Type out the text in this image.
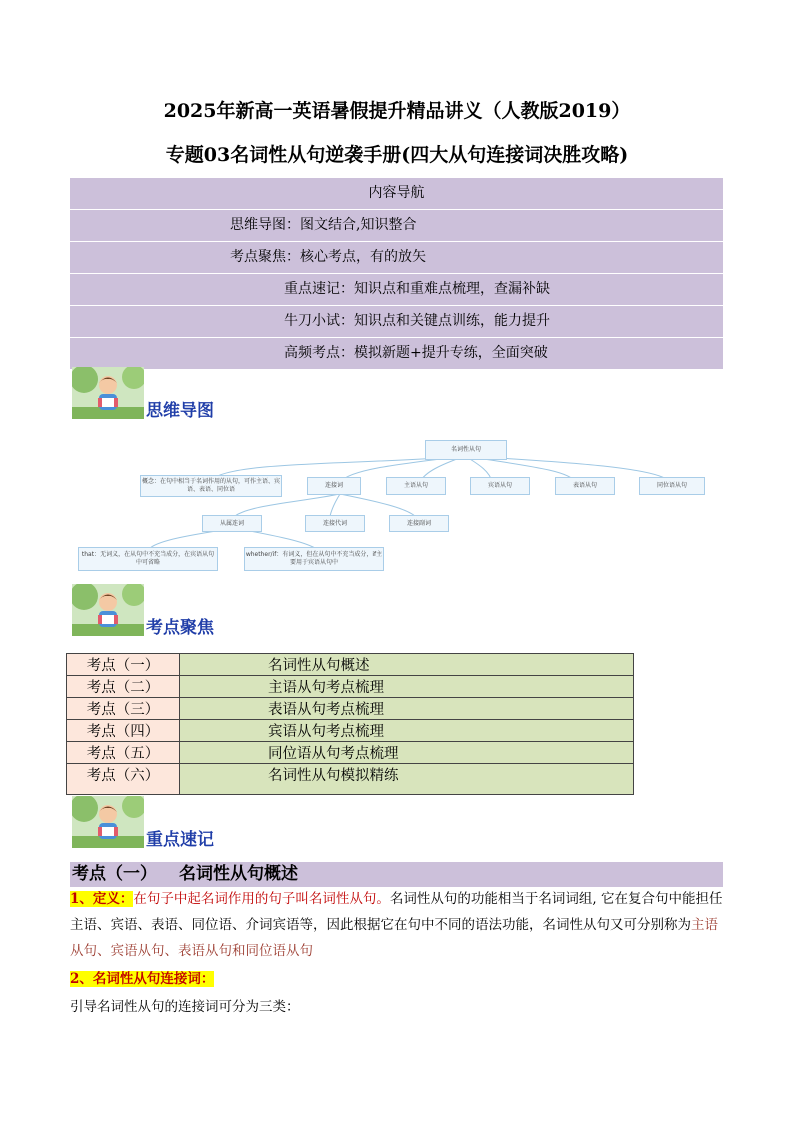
2025年新高一英语暑假提升精品讲义（人教版2019）
专题03名词性从句逆袭手册(四大从句连接词决胜攻略)
内容导航
思维导图：图文结合,知识整合
考点聚焦：核心考点，有的放矢
重点速记：知识点和重难点梳理，查漏补缺
牛刀小试：知识点和关键点训练，能力提升
高频考点：模拟新题+提升专练，全面突破
思维导图
名词性从句
概念：在句中相当于名词作用的从句，可作主语、宾语、表语、同位语
连接词	主语从句	宾语从句	表语从句	同位语从句
从属连词	连接代词	连接副词
that：无词义，在从句中不充当成分，在宾语从句中可省略
whether/if：有词义，但在从句中不充当成分，if主要用于宾语从句中
考点聚焦
考点（一）	名词性从句概述
考点（二）	主语从句考点梳理
考点（三）	表语从句考点梳理
考点（四）	宾语从句考点梳理
考点（五）	同位语从句考点梳理
考点（六）	名词性从句模拟精练
重点速记
考点（一） 名词性从句概述
1、定义：在句子中起名词作用的句子叫名词性从句。名词性从句的功能相当于名词词组, 它在复合句中能担任主语、宾语、表语、同位语、介词宾语等，因此根据它在句中不同的语法功能，名词性从句又可分别称为主语从句、宾语从句、表语从句和同位语从句
2、名词性从句连接词：
引导名词性从句的连接词可分为三类：
